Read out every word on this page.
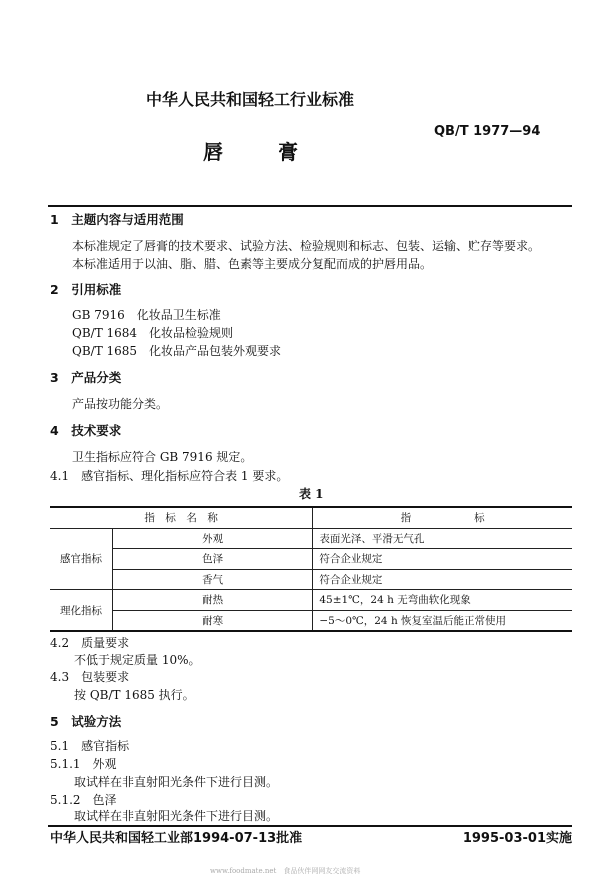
中华人民共和国轻工行业标准
QB/T 1977—94
唇	膏
1　主题内容与适用范围
本标准规定了唇膏的技术要求、试验方法、检验规则和标志、包装、运输、贮存等要求。
本标准适用于以油、脂、腊、色素等主要成分复配而成的护唇用品。
2　引用标准
GB 7916　化妆品卫生标准
QB/T 1684　化妆品检验规则
QB/T 1685　化妆品产品包装外观要求
3　产品分类
产品按功能分类。
4　技术要求
卫生指标应符合 GB 7916 规定。
4.1　感官指标、理化指标应符合表 1 要求。
表 1
指　标　名　称		指　　　　　　标
感官指标	外观	表面光泽、平滑无气孔
	色泽	符合企业规定
	香气	符合企业规定
理化指标	耐热	45±1℃，24 h 无弯曲软化现象
	耐寒	−5～0℃，24 h 恢复室温后能正常使用
4.2　质量要求
不低于规定质量 10%。
4.3　包装要求
按 QB/T 1685 执行。
5　试验方法
5.1　感官指标
5.1.1　外观
取试样在非直射阳光条件下进行目测。
5.1.2　色泽
取试样在非直射阳光条件下进行目测。
中华人民共和国轻工业部1994-07-13批准	1995-03-01实施
www.foodmate.net　食品伙伴网网友交流资料
